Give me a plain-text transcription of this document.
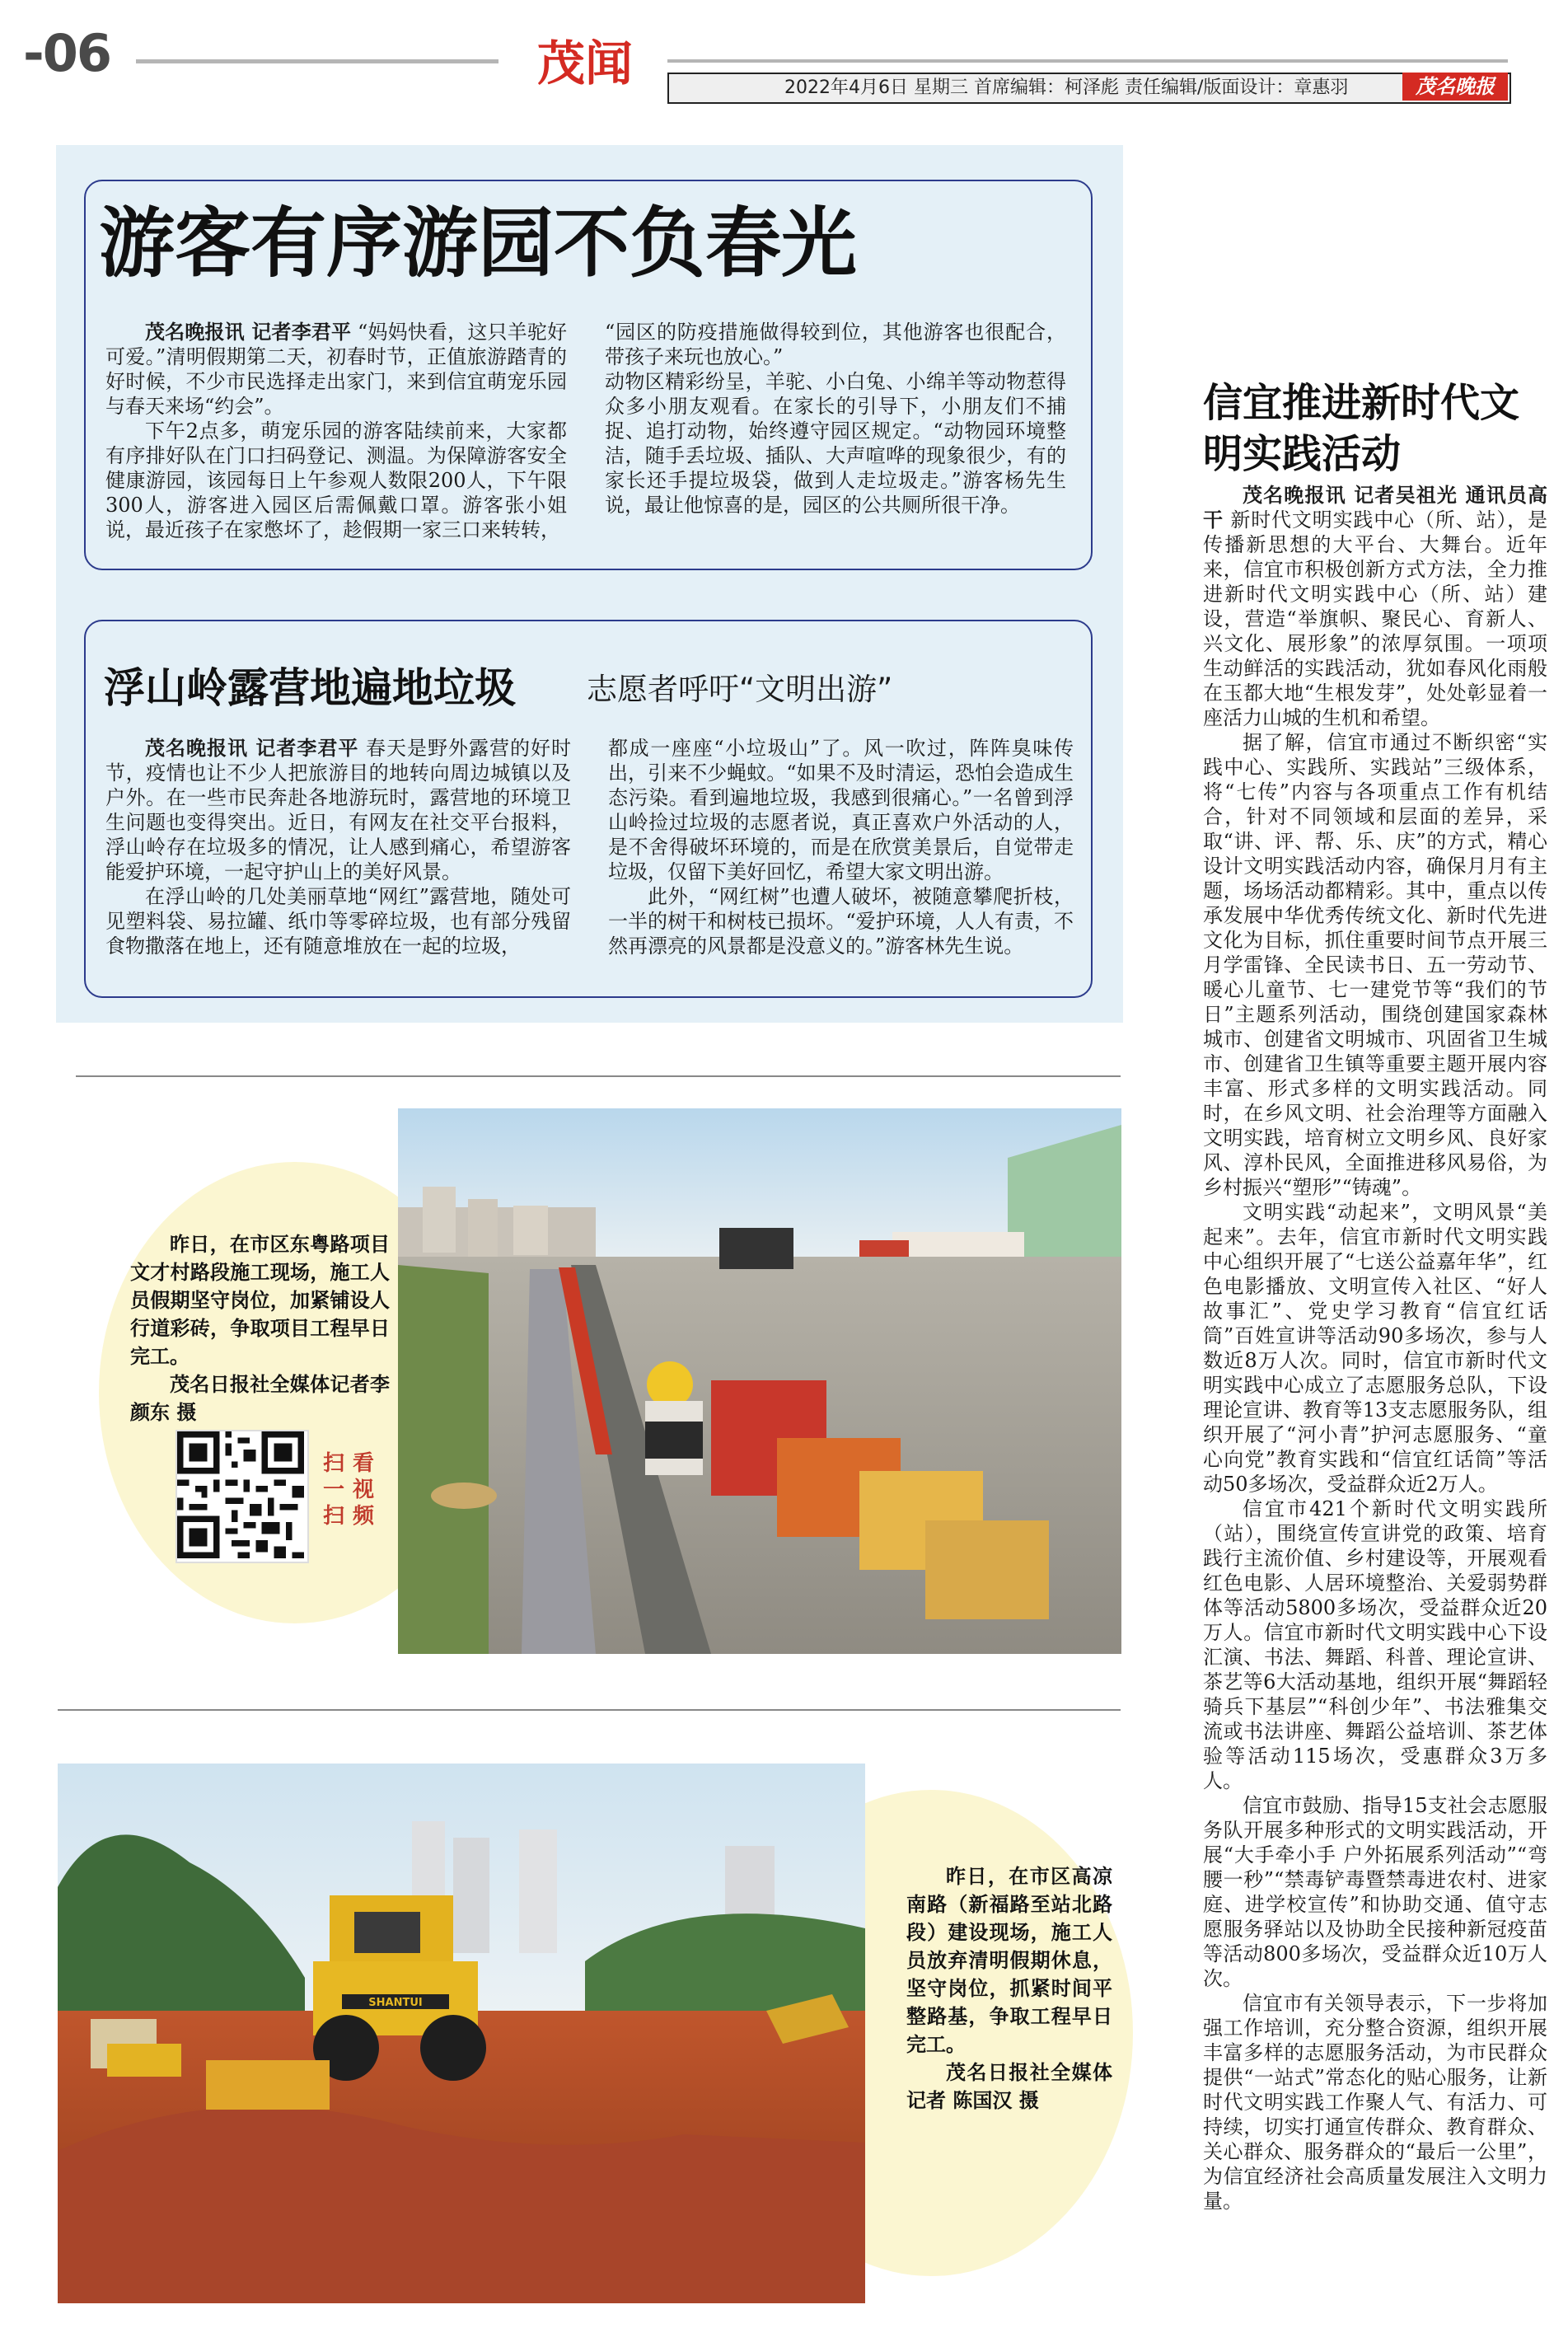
-06	茂闻	2022年4月6日 星期三 首席编辑：柯泽彪 责任编辑/版面设计：章惠羽	茂名晚报
游客有序游园不负春光

茂名晚报讯 记者李君平 “妈妈快看，这只羊驼好可爱。”清明假期第二天，初春时节，正值旅游踏青的好时候，不少市民选择走出家门，来到信宜萌宠乐园与春天来场“约会”。

下午2点多，萌宠乐园的游客陆续前来，大家都有序排好队在门口扫码登记、测温。为保障游客安全健康游园，该园每日上午参观人数限200人，下午限300人，游客进入园区后需佩戴口罩。游客张小姐说，最近孩子在家憋坏了，趁假期一家三口来转转，

“园区的防疫措施做得较到位，其他游客也很配合，带孩子来玩也放心。”

动物区精彩纷呈，羊驼、小白兔、小绵羊等动物惹得众多小朋友观看。在家长的引导下，小朋友们不捕捉、追打动物，始终遵守园区规定。“动物园环境整洁，随手丢垃圾、插队、大声喧哗的现象很少，有的家长还手提垃圾袋，做到人走垃圾走。”游客杨先生说，最让他惊喜的是，园区的公共厕所很干净。

浮山岭露营地遍地垃圾 志愿者呼吁“文明出游”

茂名晚报讯 记者李君平 春天是野外露营的好时节，疫情也让不少人把旅游目的地转向周边城镇以及户外。在一些市民奔赴各地游玩时，露营地的环境卫生问题也变得突出。近日，有网友在社交平台报料，浮山岭存在垃圾多的情况，让人感到痛心，希望游客能爱护环境，一起守护山上的美好风景。

在浮山岭的几处美丽草地“网红”露营地，随处可见塑料袋、易拉罐、纸巾等零碎垃圾，也有部分残留食物撒落在地上，还有随意堆放在一起的垃圾，

都成一座座“小垃圾山”了。风一吹过，阵阵臭味传出，引来不少蝇蚊。“如果不及时清运，恐怕会造成生态污染。看到遍地垃圾，我感到很痛心。”一名曾到浮山岭捡过垃圾的志愿者说，真正喜欢户外活动的人，是不舍得破坏环境的，而是在欣赏美景后，自觉带走垃圾，仅留下美好回忆，希望大家文明出游。

此外，“网红树”也遭人破坏，被随意攀爬折枝，一半的树干和树枝已损坏。“爱护环境，人人有责，不然再漂亮的风景都是没意义的。”游客林先生说。

昨日，在市区东粤路项目文才村路段施工现场，施工人员假期坚守岗位，加紧铺设人行道彩砖，争取项目工程早日完工。

茂名日报社全媒体记者李颜东 摄

扫一扫
看视频
SHANTUI

昨日，在市区高凉南路（新福路至站北路段）建设现场，施工人员放弃清明假期休息，坚守岗位，抓紧时间平整路基，争取工程早日完工。

茂名日报社全媒体记者 陈国汉 摄

信宜推进新时代文明实践活动

茂名晚报讯 记者吴祖光 通讯员高干 新时代文明实践中心（所、站），是传播新思想的大平台、大舞台。近年来，信宜市积极创新方式方法，全力推进新时代文明实践中心（所、站）建设，营造“举旗帜、聚民心、育新人、兴文化、展形象”的浓厚氛围。一项项生动鲜活的实践活动，犹如春风化雨般在玉都大地“生根发芽”，处处彰显着一座活力山城的生机和希望。

据了解，信宜市通过不断织密“实践中心、实践所、实践站”三级体系，将“七传”内容与各项重点工作有机结合，针对不同领域和层面的差异，采取“讲、评、帮、乐、庆”的方式，精心设计文明实践活动内容，确保月月有主题，场场活动都精彩。其中，重点以传承发展中华优秀传统文化、新时代先进文化为目标，抓住重要时间节点开展三月学雷锋、全民读书日、五一劳动节、暖心儿童节、七一建党节等“我们的节日”主题系列活动，围绕创建国家森林城市、创建省文明城市、巩固省卫生城市、创建省卫生镇等重要主题开展内容丰富、形式多样的文明实践活动。同时，在乡风文明、社会治理等方面融入文明实践，培育树立文明乡风、良好家风、淳朴民风，全面推进移风易俗，为乡村振兴“塑形”“铸魂”。

文明实践“动起来”，文明风景“美起来”。去年，信宜市新时代文明实践中心组织开展了“七送公益嘉年华”，红色电影播放、文明宣传入社区、“好人故事汇”、党史学习教育“信宜红话筒”百姓宣讲等活动90多场次，参与人数近8万人次。同时，信宜市新时代文明实践中心成立了志愿服务总队，下设理论宣讲、教育等13支志愿服务队，组织开展了“河小青”护河志愿服务、“童心向党”教育实践和“信宜红话筒”等活动50多场次，受益群众近2万人。

信宜市421个新时代文明实践所（站），围绕宣传宣讲党的政策、培育践行主流价值、乡村建设等，开展观看红色电影、人居环境整治、关爱弱势群体等活动5800多场次，受益群众近20万人。信宜市新时代文明实践中心下设汇演、书法、舞蹈、科普、理论宣讲、茶艺等6大活动基地，组织开展“舞蹈轻骑兵下基层”“科创少年”、书法雅集交流或书法讲座、舞蹈公益培训、茶艺体验等活动115场次，受惠群众3万多人。

信宜市鼓励、指导15支社会志愿服务队开展多种形式的文明实践活动，开展“大手牵小手 户外拓展系列活动”“弯腰一秒”“禁毒铲毒暨禁毒进农村、进家庭、进学校宣传”和协助交通、值守志愿服务驿站以及协助全民接种新冠疫苗等活动800多场次，受益群众近10万人次。

信宜市有关领导表示，下一步将加强工作培训，充分整合资源，组织开展丰富多样的志愿服务活动，为市民群众提供“一站式”常态化的贴心服务，让新时代文明实践工作聚人气、有活力、可持续，切实打通宣传群众、教育群众、关心群众、服务群众的“最后一公里”，为信宜经济社会高质量发展注入文明力量。
